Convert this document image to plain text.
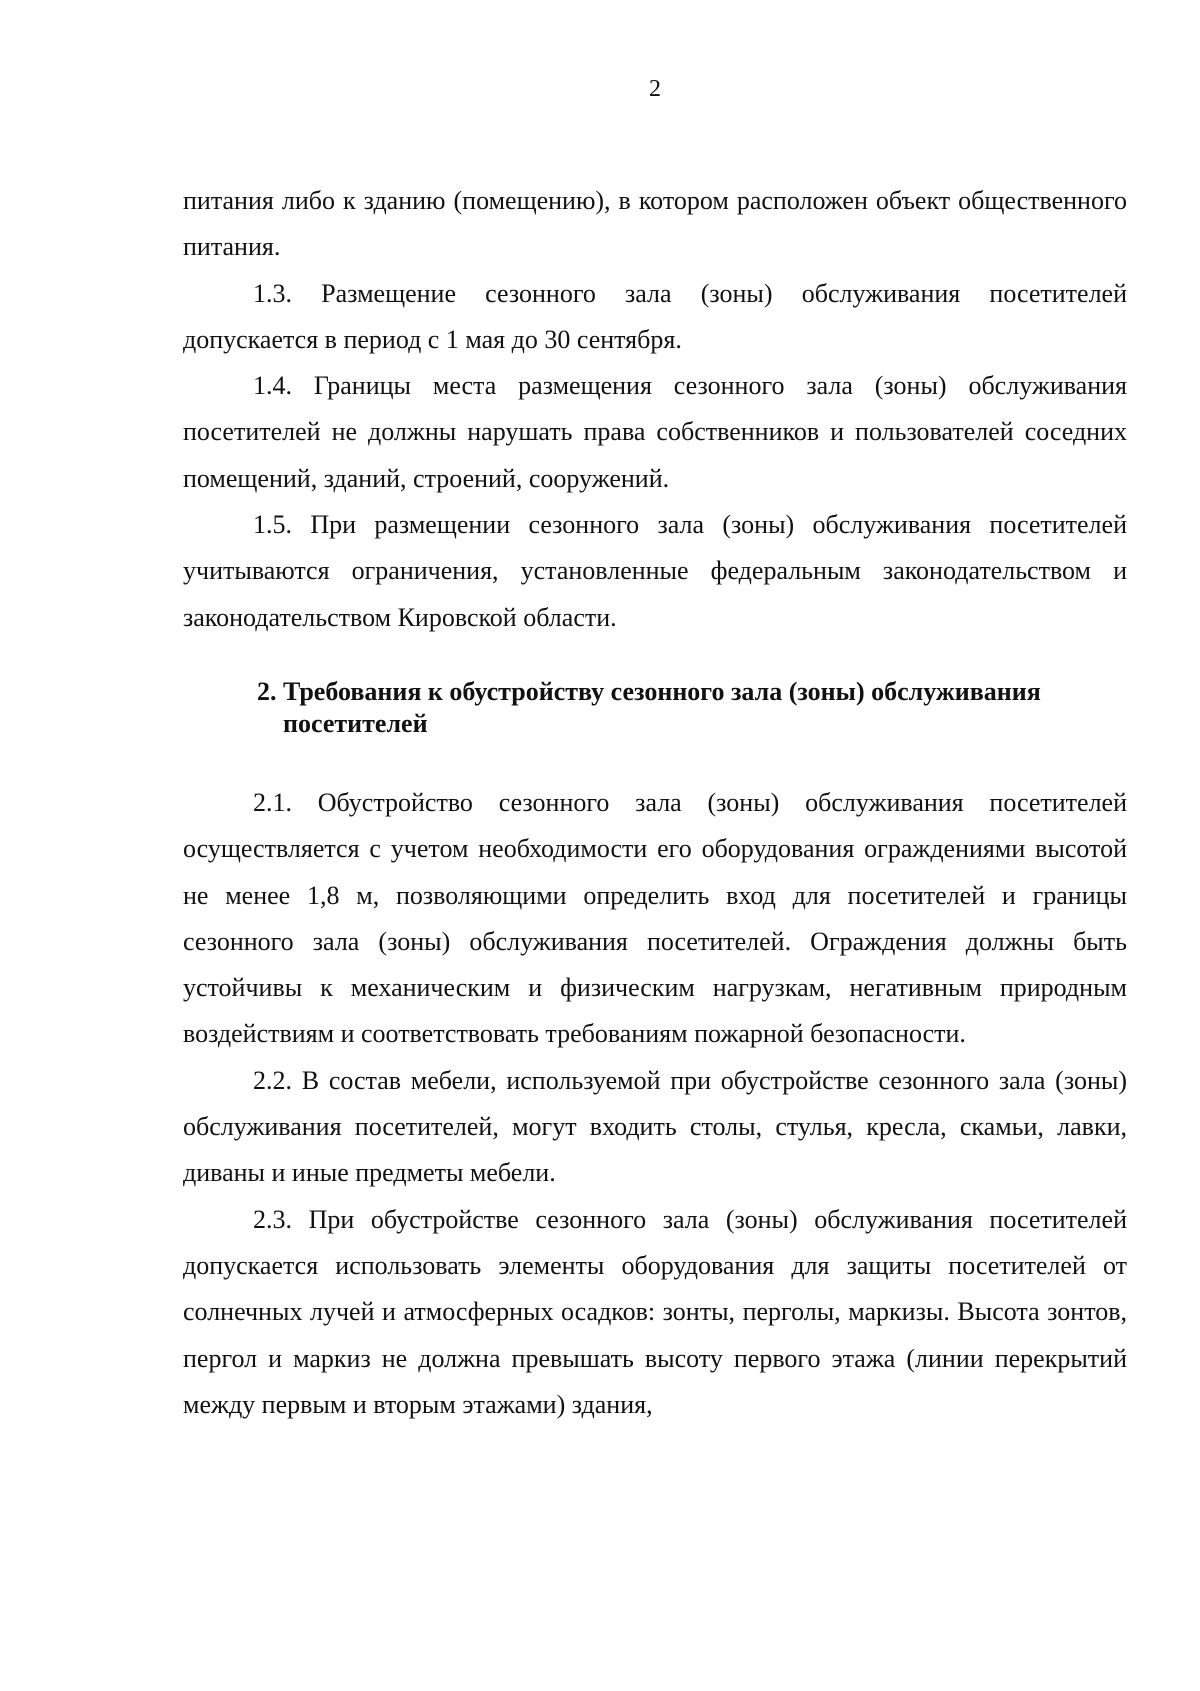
2

питания либо к зданию (помещению), в котором расположен объект общественного питания.

1.3. Размещение сезонного зала (зоны) обслуживания посетителей допускается в период с 1 мая до 30 сентября.

1.4. Границы места размещения сезонного зала (зоны) обслуживания посетителей не должны нарушать права собственников и пользователей соседних помещений, зданий, строений, сооружений.

1.5. При размещении сезонного зала (зоны) обслуживания посетителей учитываются ограничения, установленные федеральным законодательством и законодательством Кировской области.

2. Требования к обустройству сезонного зала (зоны) обслуживания
посетителей

2.1. Обустройство сезонного зала (зоны) обслуживания посетителей осуществляется с учетом необходимости его оборудования ограждениями высотой не менее 1,8 м, позволяющими определить вход для посетителей и границы сезонного зала (зоны) обслуживания посетителей. Ограждения должны быть устойчивы к механическим и физическим нагрузкам, негативным природным воздействиям и соответствовать требованиям пожарной безопасности.

2.2. В состав мебели, используемой при обустройстве сезонного зала (зоны) обслуживания посетителей, могут входить столы, стулья, кресла, скамьи, лавки, диваны и иные предметы мебели.

2.3. При обустройстве сезонного зала (зоны) обслуживания посетителей допускается использовать элементы оборудования для защиты посетителей от солнечных лучей и атмосферных осадков: зонты, перголы, маркизы. Высота зонтов, пергол и маркиз не должна превышать высоту первого этажа (линии перекрытий между первым и вторым этажами) здания,
